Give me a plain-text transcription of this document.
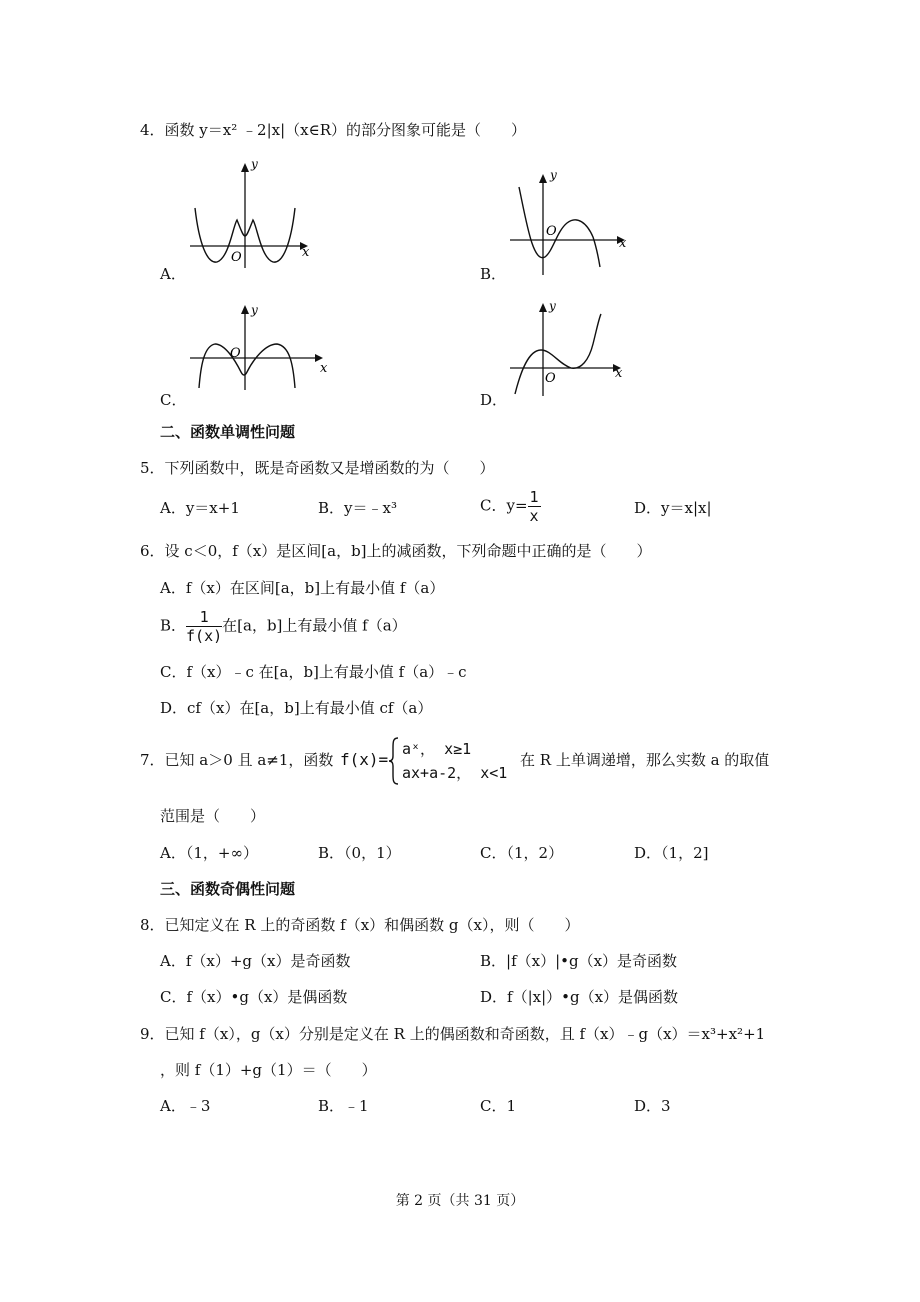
4．函数 y＝x² ﹣2|x|（x∈R）的部分图象可能是（　　）
y
x
O
A．
y
x
O
B．
y
x
O
C．
y
x
O
D．
二、函数单调性问题
5．下列函数中，既是奇函数又是增函数的为（　　）
A．y＝x+1	B．y＝﹣x³	C．$y= \frac{1}{x}$	D．y＝x|x|
6．设 c＜0，f（x）是区间[a，b]上的减函数，下列命题中正确的是（　　）
A．f（x）在区间[a，b]上有最小值 f（a）
B． $\frac{1}{f(x)}$ 在[a，b]上有最小值 f（a）
C．f（x）﹣c 在[a，b]上有最小值 f（a）﹣c
D．cf（x）在[a，b]上有最小值 cf（a）
7．已知 a＞0 且 a≠1，函数 f(x)=
aˣ， x≥1
ax+a-2， x<1
在 R 上单调递增，那么实数 a 的取值
范围是（　　）
A．（1，+∞）	B．（0，1）	C．（1，2）	D．（1，2]
三、函数奇偶性问题
8．已知定义在 R 上的奇函数 f（x）和偶函数 g（x），则（　　）
A．f（x）+g（x）是奇函数	B．|f（x）|•g（x）是奇函数
C．f（x）•g（x）是偶函数	D．f（|x|）•g（x）是偶函数
9．已知 f（x），g（x）分别是定义在 R 上的偶函数和奇函数，且 f（x）﹣g（x）＝x³+x²+1
，则 f（1）+g（1）＝（　　）
A．﹣3	B．﹣1	C．1	D．3
第 2 页（共 31 页）
